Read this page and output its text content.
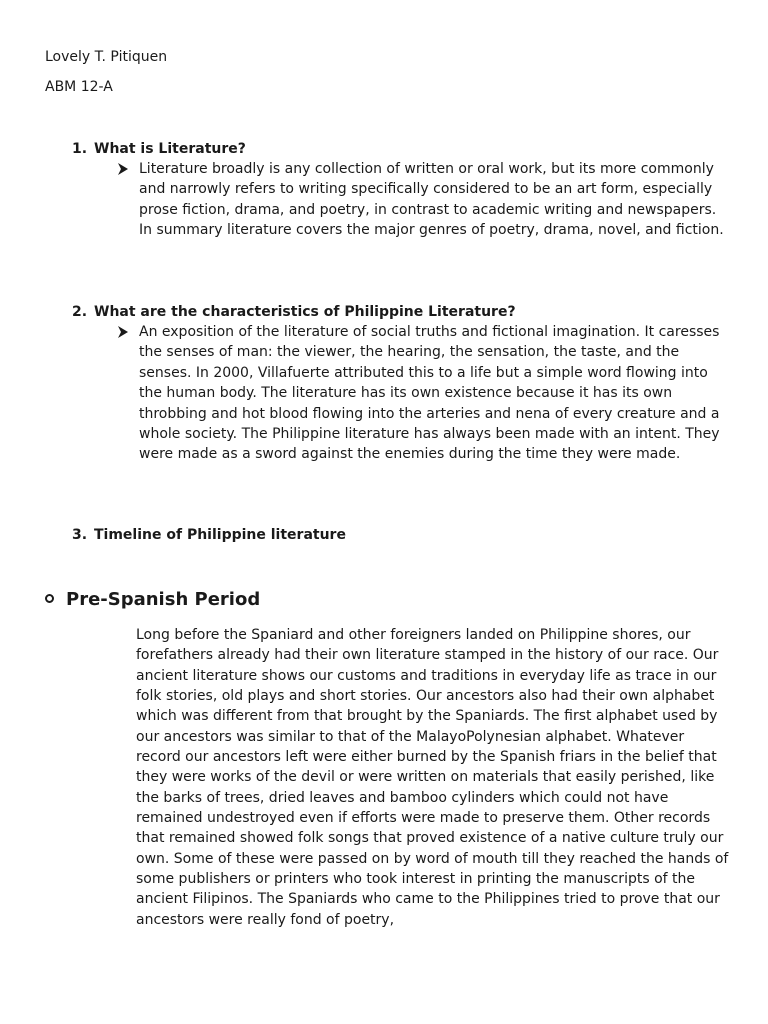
Lovely T. Pitiquen
ABM 12-A
1. What is Literature?
Literature broadly is any collection of written or oral work, but its more commonly and narrowly refers to writing specifically considered to be an art form, especially prose fiction, drama, and poetry, in contrast to academic writing and newspapers. In summary literature covers the major genres of poetry, drama, novel, and fiction.
2. What are the characteristics of Philippine Literature?
An exposition of the literature of social truths and fictional imagination. It caresses the senses of man: the viewer, the hearing, the sensation, the taste, and the senses. In 2000, Villafuerte attributed this to a life but a simple word flowing into the human body. The literature has its own existence because it has its own throbbing and hot blood flowing into the arteries and nena of every creature and a whole society. The Philippine literature has always been made with an intent. They were made as a sword against the enemies during the time they were made.
3. Timeline of Philippine literature
Pre-Spanish Period
Long before the Spaniard and other foreigners landed on Philippine shores, our forefathers already had their own literature stamped in the history of our race. Our ancient literature shows our customs and traditions in everyday life as trace in our folk stories, old plays and short stories. Our ancestors also had their own alphabet which was different from that brought by the Spaniards. The first alphabet used by our ancestors was similar to that of the MalayoPolynesian alphabet. Whatever record our ancestors left were either burned by the Spanish friars in the belief that they were works of the devil or were written on materials that easily perished, like the barks of trees, dried leaves and bamboo cylinders which could not have remained undestroyed even if efforts were made to preserve them. Other records that remained showed folk songs that proved existence of a native culture truly our own. Some of these were passed on by word of mouth till they reached the hands of some publishers or printers who took interest in printing the manuscripts of the ancient Filipinos. The Spaniards who came to the Philippines tried to prove that our ancestors were really fond of poetry,
